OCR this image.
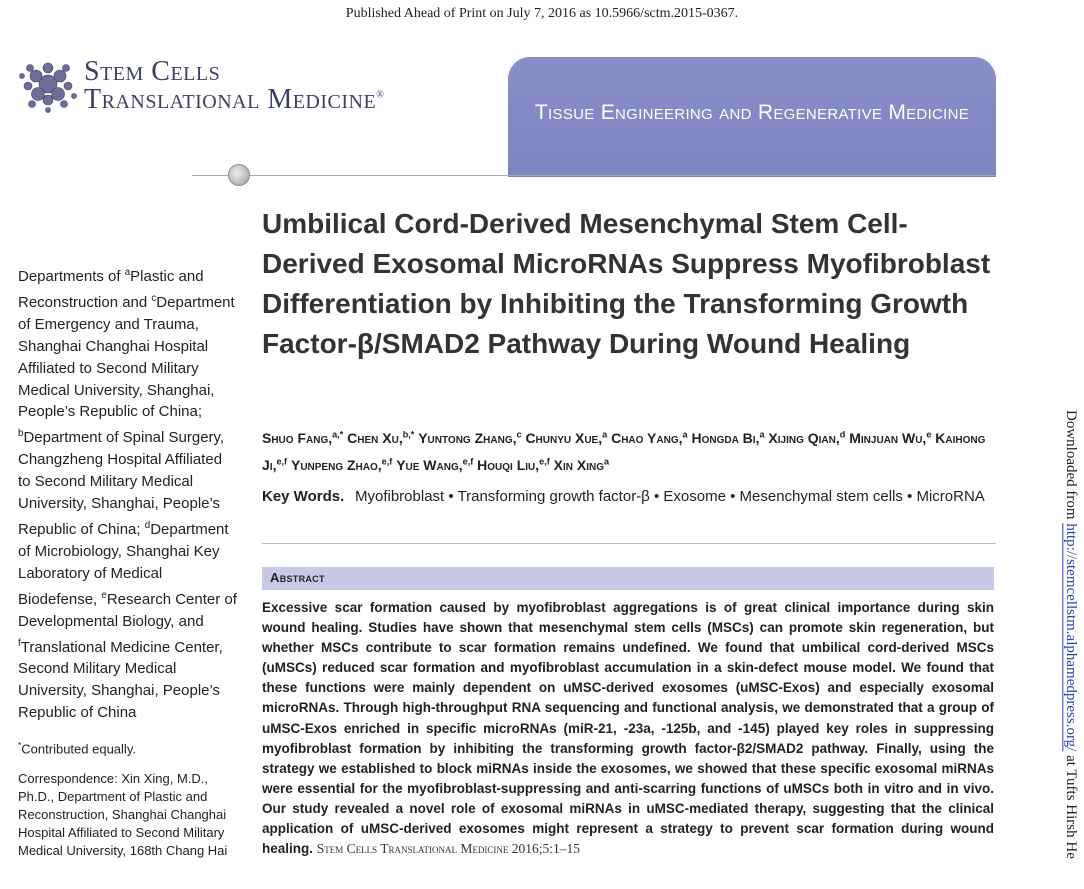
Published Ahead of Print on July 7, 2016 as 10.5966/sctm.2015-0367.
Stem Cells
Translational Medicine®
Tissue Engineering and Regenerative Medicine
Departments of $^a$Plastic and Reconstruction and $^c$Department of Emergency and Trauma, Shanghai Changhai Hospital Affiliated to Second Military Medical University, Shanghai, People’s Republic of China; $^b$Department of Spinal Surgery, Changzheng Hospital Affiliated to Second Military Medical University, Shanghai, People’s Republic of China; $^d$Department of Microbiology, Shanghai Key Laboratory of Medical Biodefense, $^e$Research Center of Developmental Biology, and $^f$Translational Medicine Center, Second Military Medical University, Shanghai, People’s Republic of China
*Contributed equally.
Correspondence: Xin Xing, M.D., Ph.D., Department of Plastic and Reconstruction, Shanghai Changhai Hospital Affiliated to Second Military Medical University, 168th Chang Hai
Umbilical Cord-Derived Mesenchymal Stem Cell-Derived Exosomal MicroRNAs Suppress Myofibroblast Differentiation by Inhibiting the Transforming Growth Factor-β/SMAD2 Pathway During Wound Healing
Shuo Fang,$^{a,*}$ Chen Xu,$^{b,*}$ Yuntong Zhang,$^c$ Chunyu Xue,$^a$ Chao Yang,$^a$ Hongda Bi,$^a$ Xijing Qian,$^d$ Minjuan Wu,$^e$ Kaihong Ji,$^{e,f}$ Yunpeng Zhao,$^{e,f}$ Yue Wang,$^{e,f}$ Houqi Liu,$^{e,f}$ Xin Xing$^a$
Key Words. Myofibroblast • Transforming growth factor-β • Exosome • Mesenchymal stem cells • MicroRNA
Abstract
Excessive scar formation caused by myofibroblast aggregations is of great clinical importance during skin wound healing. Studies have shown that mesenchymal stem cells (MSCs) can promote skin regeneration, but whether MSCs contribute to scar formation remains undefined. We found that umbilical cord-derived MSCs (uMSCs) reduced scar formation and myofibroblast accumulation in a skin-defect mouse model. We found that these functions were mainly dependent on uMSC-derived exosomes (uMSC-Exos) and especially exosomal microRNAs. Through high-throughput RNA sequencing and functional analysis, we demonstrated that a group of uMSC-Exos enriched in specific microRNAs (miR-21, -23a, -125b, and -145) played key roles in suppressing myofibroblast formation by inhibiting the transforming growth factor-β2/SMAD2 pathway. Finally, using the strategy we established to block miRNAs inside the exosomes, we showed that these specific exosomal miRNAs were essential for the myofibroblast-suppressing and anti-scarring functions of uMSCs both in vitro and in vivo. Our study revealed a novel role of exosomal miRNAs in uMSC-mediated therapy, suggesting that the clinical application of uMSC-derived exosomes might represent a strategy to prevent scar formation during wound healing. Stem Cells Translational Medicine 2016;5:1–15
Downloaded from http://stemcellstm.alphamedpress.org/ at Tufts Hirsh He
